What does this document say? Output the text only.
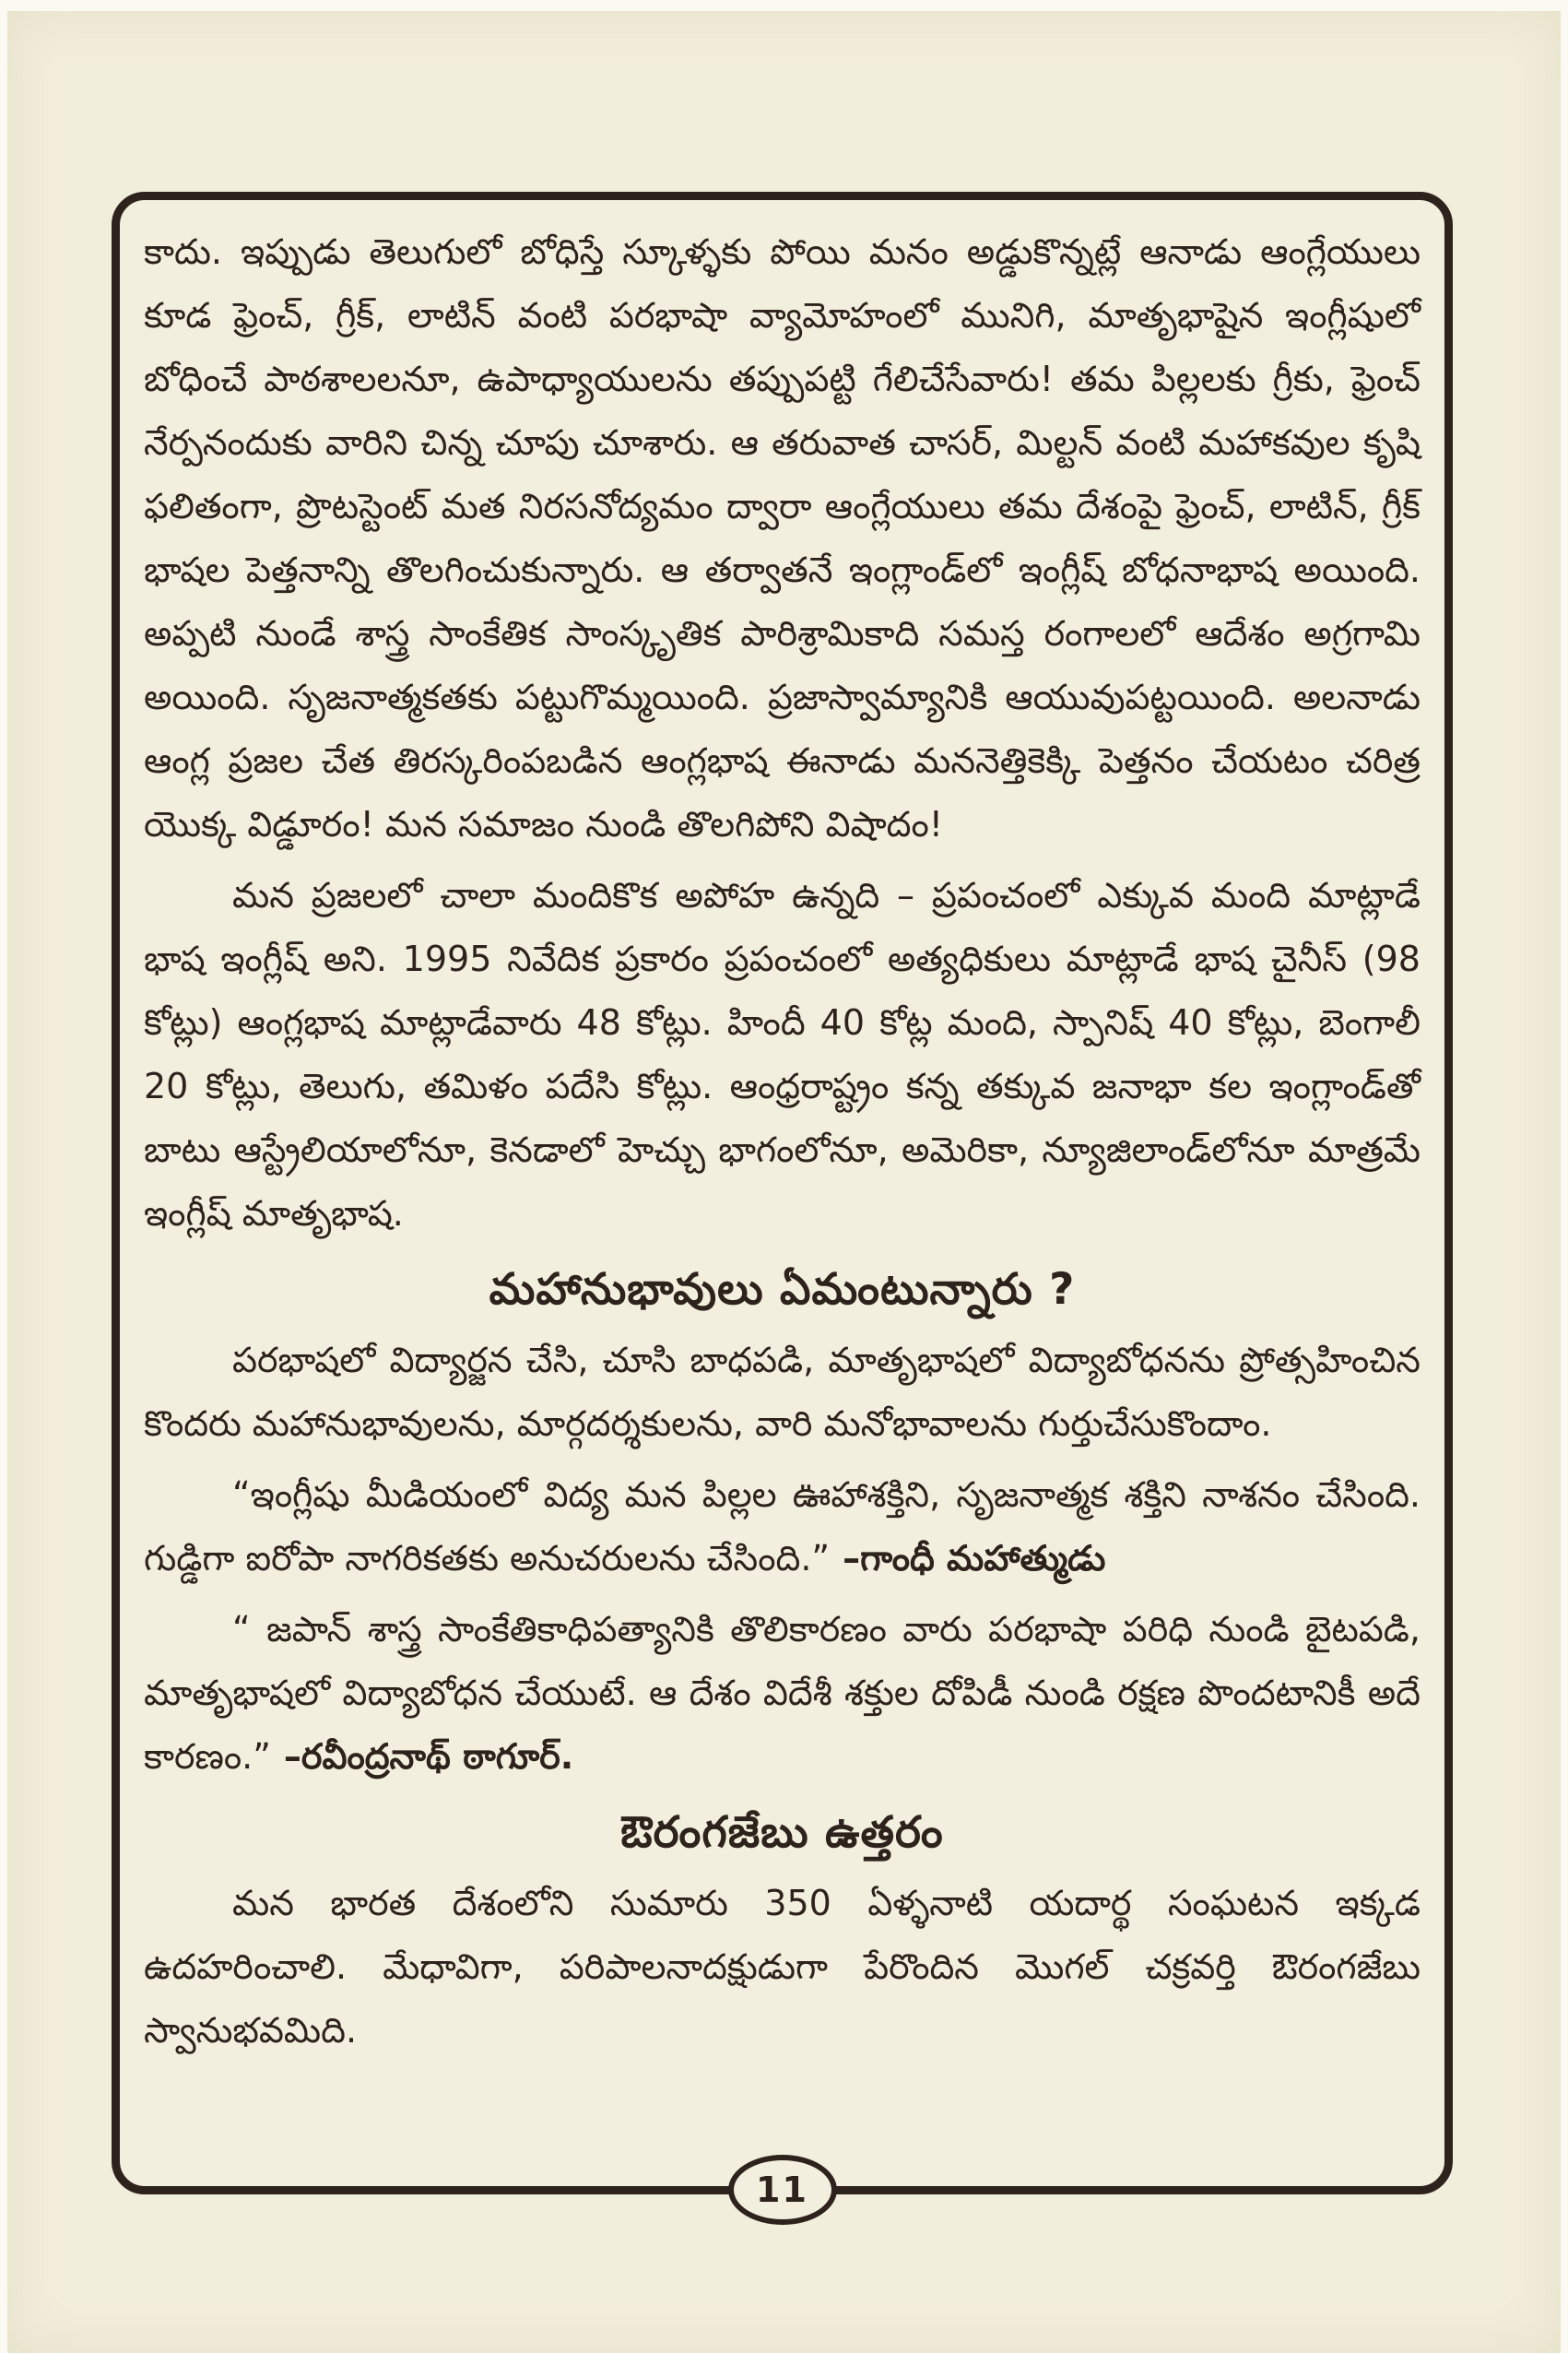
కాదు. ఇప్పుడు తెలుగులో బోధిస్తే స్కూళ్ళకు పోయి మనం అడ్డుకొన్నట్లే ఆనాడు ఆంగ్లేయులు కూడ ఫ్రెంచ్, గ్రీక్, లాటిన్ వంటి పరభాషా వ్యామోహంలో మునిగి, మాతృభాషైన ఇంగ్లీషులో బోధించే పాఠశాలలనూ, ఉపాధ్యాయులను తప్పుపట్టి గేలిచేసేవారు! తమ పిల్లలకు గ్రీకు, ఫ్రెంచ్ నేర్పనందుకు వారిని చిన్న చూపు చూశారు. ఆ తరువాత చాసర్, మిల్టన్ వంటి మహాకవుల కృషి ఫలితంగా, ప్రొటస్టెంట్ మత నిరసనోద్యమం ద్వారా ఆంగ్లేయులు తమ దేశంపై ఫ్రెంచ్, లాటిన్, గ్రీక్ భాషల పెత్తనాన్ని తొలగించుకున్నారు. ఆ తర్వాతనే ఇంగ్లాండ్‌లో ఇంగ్లీష్ బోధనాభాష అయింది. అప్పటి నుండే శాస్త్ర సాంకేతిక సాంస్కృతిక పారిశ్రామికాది సమస్త రంగాలలో ఆదేశం అగ్రగామి అయింది. సృజనాత్మకతకు పట్టుగొమ్మయింది. ప్రజాస్వామ్యానికి ఆయువుపట్టయింది. అలనాడు ఆంగ్ల ప్రజల చేత తిరస్కరింపబడిన ఆంగ్లభాష ఈనాడు మననెత్తికెక్కి పెత్తనం చేయటం చరిత్ర యొక్క విడ్డూరం! మన సమాజం నుండి తొలగిపోని విషాదం!

మన ప్రజలలో చాలా మందికొక అపోహ ఉన్నది – ప్రపంచంలో ఎక్కువ మంది మాట్లాడే భాష ఇంగ్లీష్ అని. 1995 నివేదిక ప్రకారం ప్రపంచంలో అత్యధికులు మాట్లాడే భాష చైనీస్ (98 కోట్లు) ఆంగ్లభాష మాట్లాడేవారు 48 కోట్లు. హిందీ 40 కోట్ల మంది, స్పానిష్ 40 కోట్లు, బెంగాలీ 20 కోట్లు, తెలుగు, తమిళం పదేసి కోట్లు. ఆంధ్రరాష్ట్రం కన్న తక్కువ జనాభా కల ఇంగ్లాండ్‌తో బాటు ఆస్ట్రేలియాలోనూ, కెనడాలో హెచ్చు భాగంలోనూ, అమెరికా, న్యూజిలాండ్‌లోనూ మాత్రమే ఇంగ్లీష్ మాతృభాష.

మహానుభావులు ఏమంటున్నారు ?

పరభాషలో విద్యార్జన చేసి, చూసి బాధపడి, మాతృభాషలో విద్యాబోధనను ప్రోత్సహించిన కొందరు మహానుభావులను, మార్గదర్శకులను, వారి మనోభావాలను గుర్తుచేసుకొందాం.

“ఇంగ్లీషు మీడియంలో విద్య మన పిల్లల ఊహాశక్తిని, సృజనాత్మక శక్తిని నాశనం చేసింది. గుడ్డిగా ఐరోపా నాగరికతకు అనుచరులను చేసింది.” –గాంధీ మహాత్ముడు

“ జపాన్ శాస్త్ర సాంకేతికాధిపత్యానికి తొలికారణం వారు పరభాషా పరిధి నుండి బైటపడి, మాతృభాషలో విద్యాబోధన చేయుటే. ఆ దేశం విదేశీ శక్తుల దోపిడీ నుండి రక్షణ పొందటానికీ అదే కారణం.” –రవీంద్రనాథ్ ఠాగూర్.

ఔరంగజేబు ఉత్తరం

మన భారత దేశంలోని సుమారు 350 ఏళ్ళనాటి యదార్థ సంఘటన ఇక్కడ ఉదహరించాలి. మేధావిగా, పరిపాలనాదక్షుడుగా పేరొందిన మొగల్ చక్రవర్తి ఔరంగజేబు స్వానుభవమిది.

11
